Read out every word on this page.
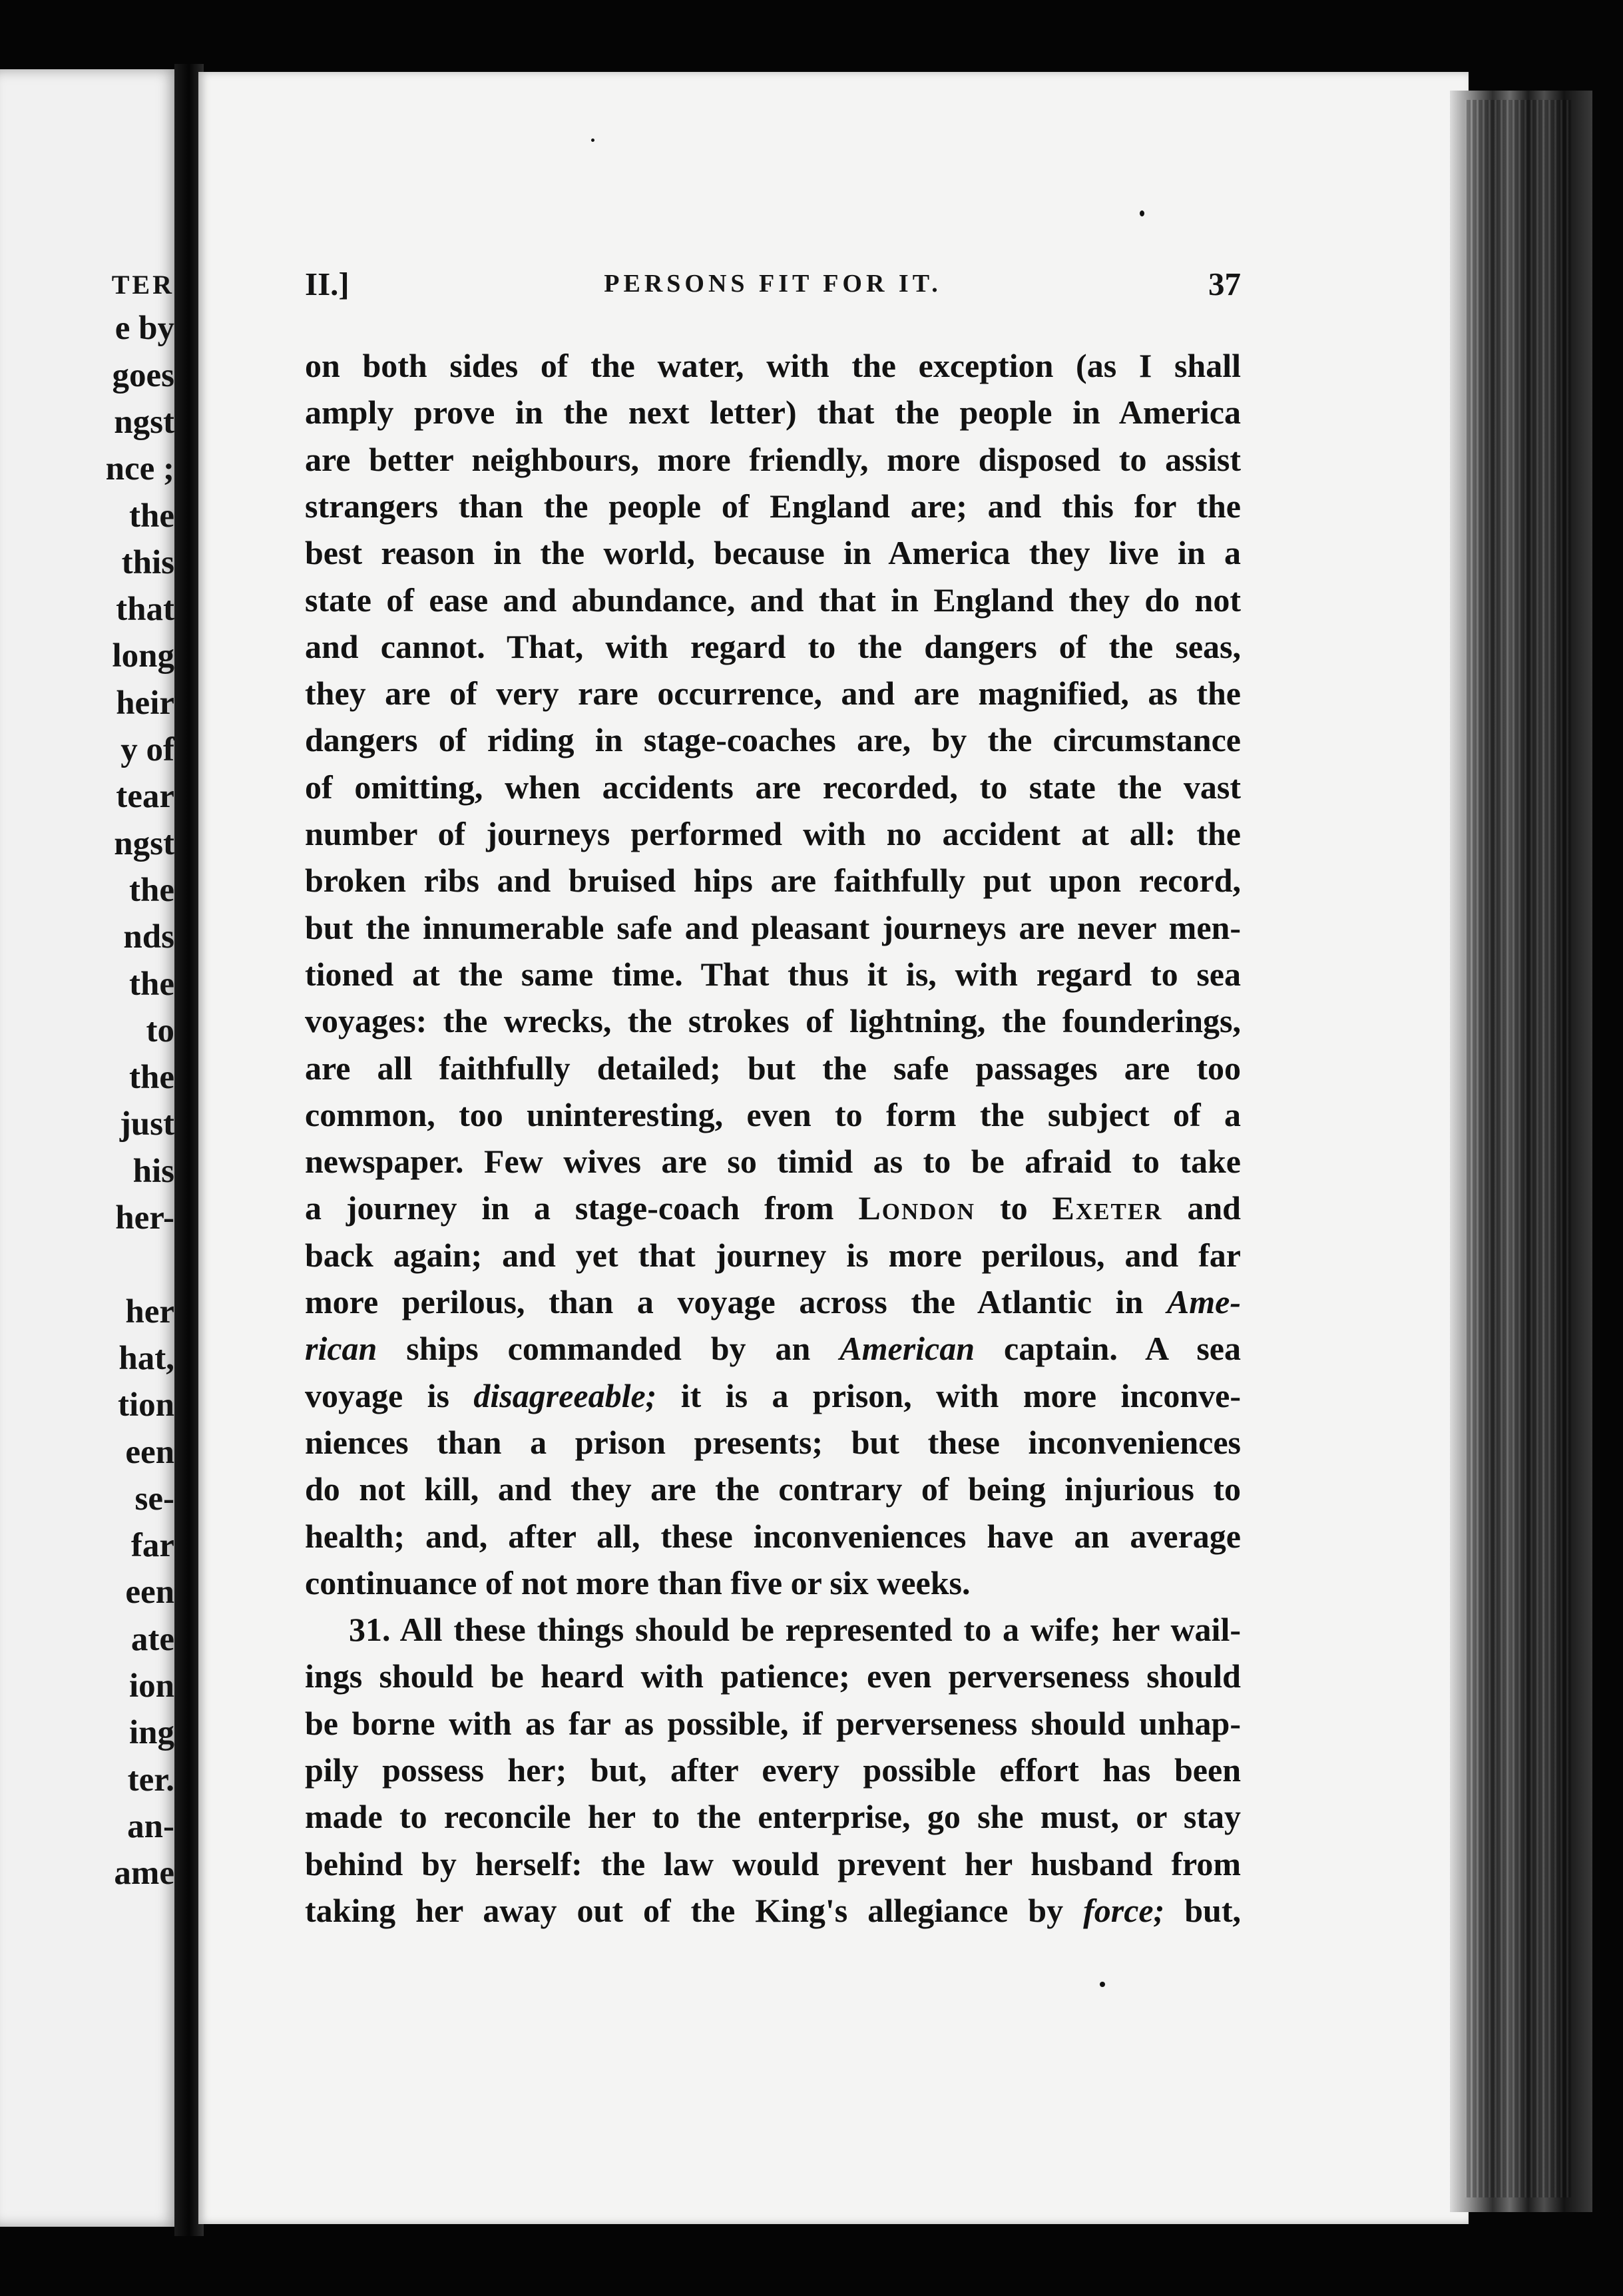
TER
e by
goes
ngst
nce ;
the
this
that
long
heir
y of
tear
ngst
the
nds
the
to
the
just
his
her-
her
hat,
tion
een
se-
far
een
ate
ion
ing
ter.
an-
ame
II.]	PERSONS FIT FOR IT.	37
on both sides of the water, with the exception (as I shall
amply prove in the next letter) that the people in America
are better neighbours, more friendly, more disposed to assist
strangers than the people of England are; and this for the
best reason in the world, because in America they live in a
state of ease and abundance, and that in England they do not
and cannot. That, with regard to the dangers of the seas,
they are of very rare occurrence, and are magnified, as the
dangers of riding in stage-coaches are, by the circumstance
of omitting, when accidents are recorded, to state the vast
number of journeys performed with no accident at all: the
broken ribs and bruised hips are faithfully put upon record,
but the innumerable safe and pleasant journeys are never men-
tioned at the same time. That thus it is, with regard to sea
voyages: the wrecks, the strokes of lightning, the founderings,
are all faithfully detailed; but the safe passages are too
common, too uninteresting, even to form the subject of a
newspaper. Few wives are so timid as to be afraid to take
a journey in a stage-coach from London to Exeter and
back again; and yet that journey is more perilous, and far
more perilous, than a voyage across the Atlantic in Ame-
rican ships commanded by an American captain. A sea
voyage is disagreeable; it is a prison, with more inconve-
niences than a prison presents; but these inconveniences
do not kill, and they are the contrary of being injurious to
health; and, after all, these inconveniences have an average
continuance of not more than five or six weeks.
31. All these things should be represented to a wife; her wail-
ings should be heard with patience; even perverseness should
be borne with as far as possible, if perverseness should unhap-
pily possess her; but, after every possible effort has been
made to reconcile her to the enterprise, go she must, or stay
behind by herself: the law would prevent her husband from
taking her away out of the King's allegiance by force; but,
